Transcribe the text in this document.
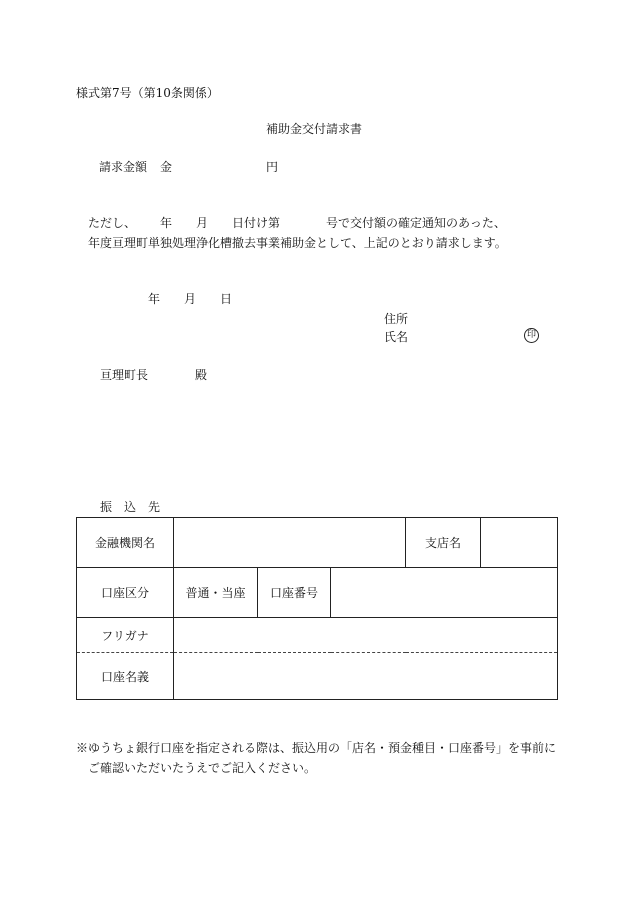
様式第7号（第10条関係）
補助金交付請求書
請求金額 金	円
ただし、 年 月 日付け第	号で交付額の確定通知のあった、
年度亘理町単独処理浄化槽撤去事業補助金として、上記のとおり請求します。
年 月 日
住所
氏名	印
亘理町長	殿
振　込　先
金融機関名				支店名

口座区分	普通・当座	口座番号		
フリガナ				
口座名義				
※ゆうちょ銀行口座を指定される際は、振込用の「店名・預金種目・口座番号」を事前に
ご確認いただいたうえでご記入ください。
